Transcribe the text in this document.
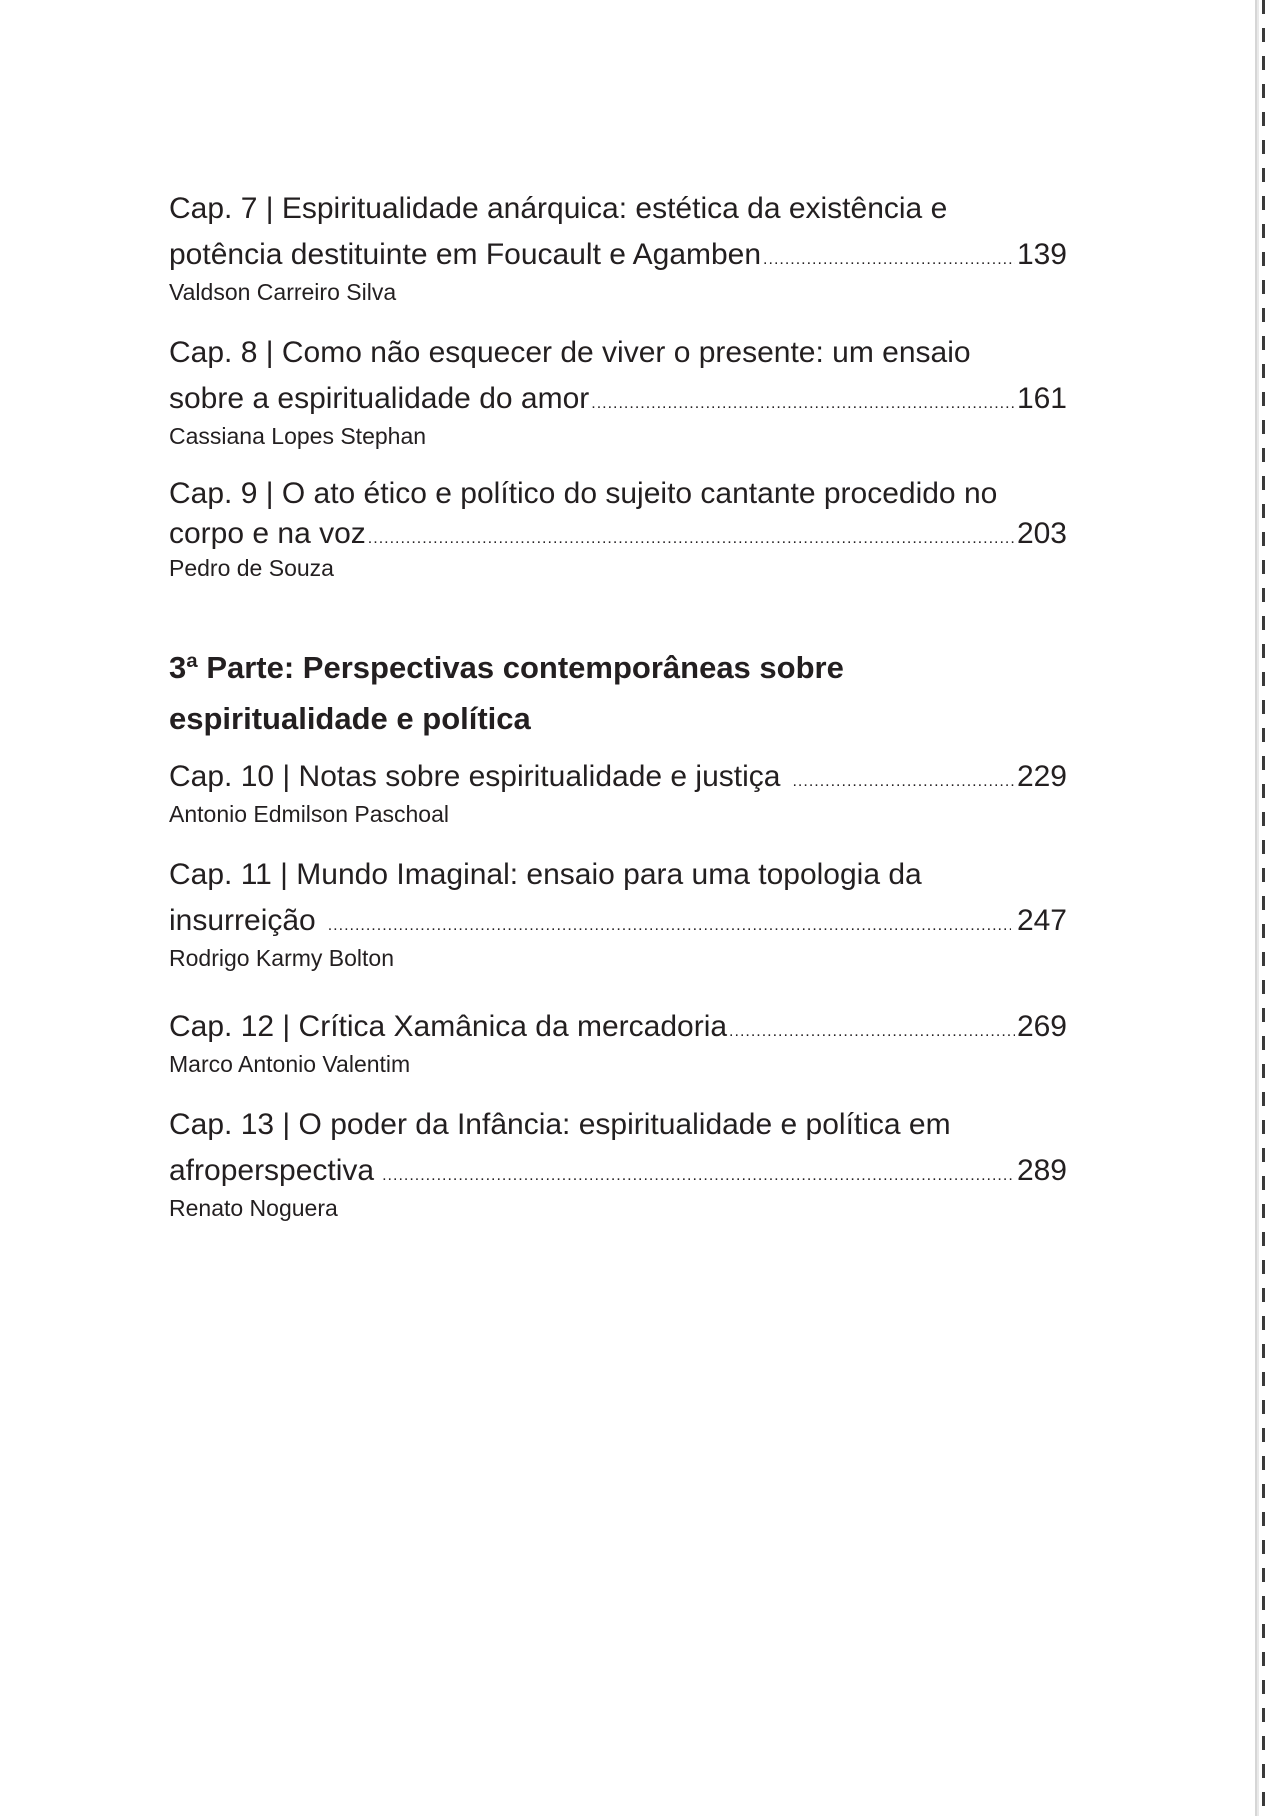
Cap. 7 | Espiritualidade anárquica: estética da existência e
potência destituinte em Foucault e Agamben .....	139
Valdson Carreiro Silva
Cap. 8 | Como não esquecer de viver o presente: um ensaio
sobre a espiritualidade do amor .....	161
Cassiana Lopes Stephan
Cap. 9 | O ato ético e político do sujeito cantante procedido no
corpo e na voz .....	203
Pedro de Souza
3ª Parte: Perspectivas contemporâneas sobre
espiritualidade e política
Cap. 10 | Notas sobre espiritualidade e justiça .....	229
Antonio Edmilson Paschoal
Cap. 11 | Mundo Imaginal: ensaio para uma topologia da
insurreição .....	247
Rodrigo Karmy Bolton
Cap. 12 | Crítica Xamânica da mercadoria .....	269
Marco Antonio Valentim
Cap. 13 | O poder da Infância: espiritualidade e política em
afroperspectiva .....	289
Renato Noguera
